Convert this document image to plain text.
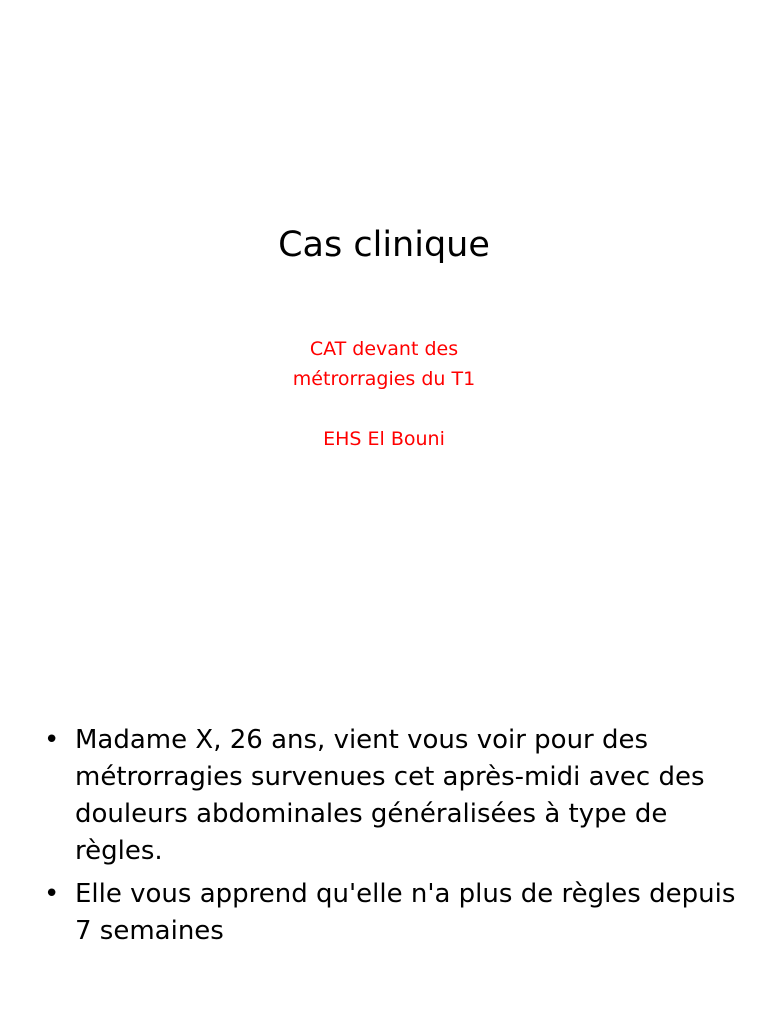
Cas clinique
CAT devant des
métrorragies du T1
EHS El Bouni
• Madame X, 26 ans, vient vous voir pour des métrorragies survenues cet après-midi avec des douleurs abdominales généralisées à type de règles.
• Elle vous apprend qu'elle n'a plus de règles depuis 7 semaines
